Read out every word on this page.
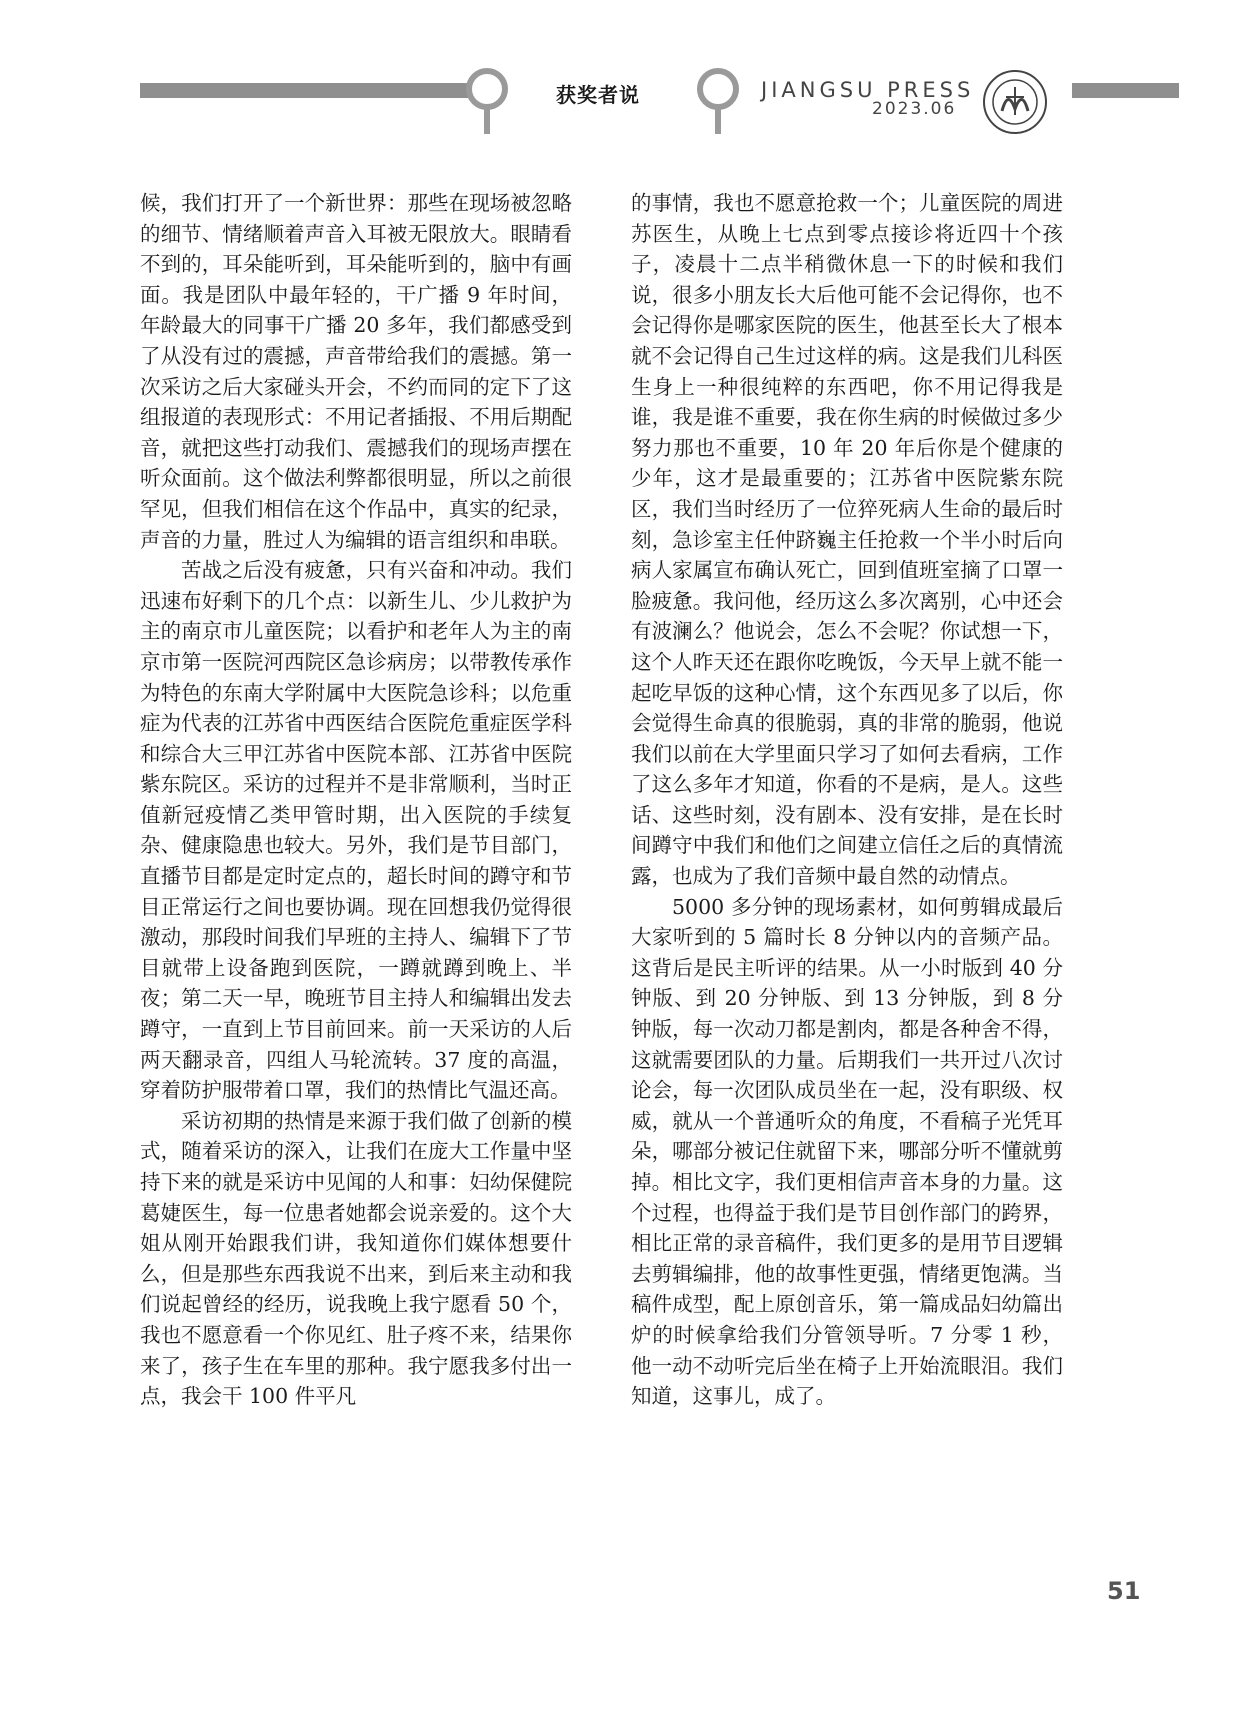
获奖者说	JIANGSU PRESS
2023.06

候，我们打开了一个新世界：那些在现场被忽略的细节、情绪顺着声音入耳被无限放大。眼睛看不到的，耳朵能听到，耳朵能听到的，脑中有画面。我是团队中最年轻的，干广播 9 年时间，年龄最大的同事干广播 20 多年，我们都感受到了从没有过的震撼，声音带给我们的震撼。第一次采访之后大家碰头开会，不约而同的定下了这组报道的表现形式：不用记者插报、不用后期配音，就把这些打动我们、震撼我们的现场声摆在听众面前。这个做法利弊都很明显，所以之前很罕见，但我们相信在这个作品中，真实的纪录，声音的力量，胜过人为编辑的语言组织和串联。

苦战之后没有疲惫，只有兴奋和冲动。我们迅速布好剩下的几个点：以新生儿、少儿救护为主的南京市儿童医院；以看护和老年人为主的南京市第一医院河西院区急诊病房；以带教传承作为特色的东南大学附属中大医院急诊科；以危重症为代表的江苏省中西医结合医院危重症医学科和综合大三甲江苏省中医院本部、江苏省中医院紫东院区。采访的过程并不是非常顺利，当时正值新冠疫情乙类甲管时期，出入医院的手续复杂、健康隐患也较大。另外，我们是节目部门，直播节目都是定时定点的，超长时间的蹲守和节目正常运行之间也要协调。现在回想我仍觉得很激动，那段时间我们早班的主持人、编辑下了节目就带上设备跑到医院，一蹲就蹲到晚上、半夜；第二天一早，晚班节目主持人和编辑出发去蹲守，一直到上节目前回来。前一天采访的人后两天翻录音，四组人马轮流转。37 度的高温，穿着防护服带着口罩，我们的热情比气温还高。

采访初期的热情是来源于我们做了创新的模式，随着采访的深入，让我们在庞大工作量中坚持下来的就是采访中见闻的人和事：妇幼保健院葛婕医生，每一位患者她都会说亲爱的。这个大姐从刚开始跟我们讲，我知道你们媒体想要什么，但是那些东西我说不出来，到后来主动和我们说起曾经的经历，说我晚上我宁愿看 50 个，我也不愿意看一个你见红、肚子疼不来，结果你来了，孩子生在车里的那种。我宁愿我多付出一点，我会干 100 件平凡

的事情，我也不愿意抢救一个；儿童医院的周进苏医生，从晚上七点到零点接诊将近四十个孩子，凌晨十二点半稍微休息一下的时候和我们说，很多小朋友长大后他可能不会记得你，也不会记得你是哪家医院的医生，他甚至长大了根本就不会记得自己生过这样的病。这是我们儿科医生身上一种很纯粹的东西吧，你不用记得我是谁，我是谁不重要，我在你生病的时候做过多少努力那也不重要，10 年 20 年后你是个健康的少年，这才是最重要的；江苏省中医院紫东院区，我们当时经历了一位猝死病人生命的最后时刻，急诊室主任仲跻巍主任抢救一个半小时后向病人家属宣布确认死亡，回到值班室摘了口罩一脸疲惫。我问他，经历这么多次离别，心中还会有波澜么？他说会，怎么不会呢？你试想一下，这个人昨天还在跟你吃晚饭，今天早上就不能一起吃早饭的这种心情，这个东西见多了以后，你会觉得生命真的很脆弱，真的非常的脆弱，他说我们以前在大学里面只学习了如何去看病，工作了这么多年才知道，你看的不是病，是人。这些话、这些时刻，没有剧本、没有安排，是在长时间蹲守中我们和他们之间建立信任之后的真情流露，也成为了我们音频中最自然的动情点。

5000 多分钟的现场素材，如何剪辑成最后大家听到的 5 篇时长 8 分钟以内的音频产品。这背后是民主听评的结果。从一小时版到 40 分钟版、到 20 分钟版、到 13 分钟版，到 8 分钟版，每一次动刀都是割肉，都是各种舍不得，这就需要团队的力量。后期我们一共开过八次讨论会，每一次团队成员坐在一起，没有职级、权威，就从一个普通听众的角度，不看稿子光凭耳朵，哪部分被记住就留下来，哪部分听不懂就剪掉。相比文字，我们更相信声音本身的力量。这个过程，也得益于我们是节目创作部门的跨界，相比正常的录音稿件，我们更多的是用节目逻辑去剪辑编排，他的故事性更强，情绪更饱满。当稿件成型，配上原创音乐，第一篇成品妇幼篇出炉的时候拿给我们分管领导听。7 分零 1 秒，他一动不动听完后坐在椅子上开始流眼泪。我们知道，这事儿，成了。

51
